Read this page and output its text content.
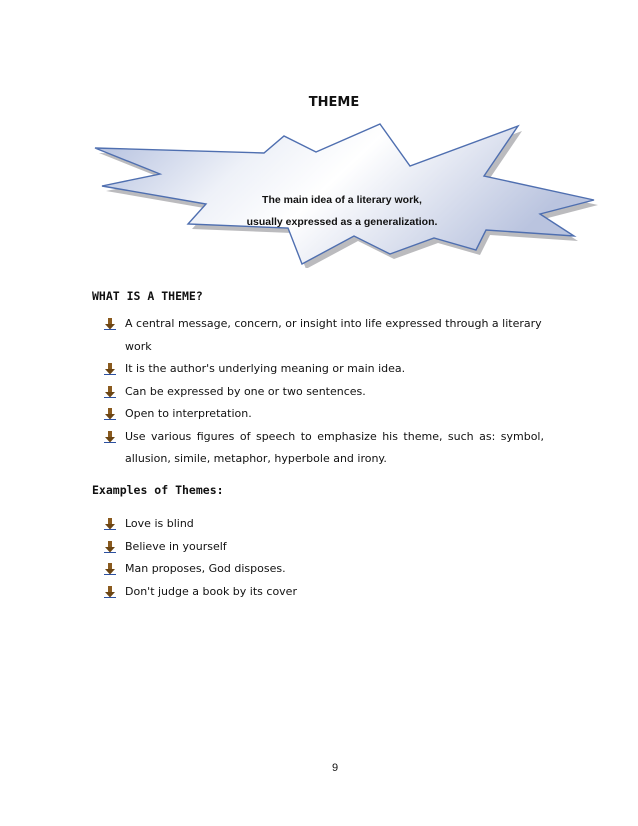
THEME
The main idea of a literary work,
usually expressed as a generalization.
WHAT IS A THEME?
A central message, concern, or insight into life expressed through a literary work
It is the author's underlying meaning or main idea.
Can be expressed by one or two sentences.
Open to interpretation.
Use various figures of speech to emphasize his theme, such as: symbol, allusion, simile, metaphor, hyperbole and irony.
Examples of Themes:
Love is blind
Believe in yourself
Man proposes, God disposes.
Don't judge a book by its cover
9
